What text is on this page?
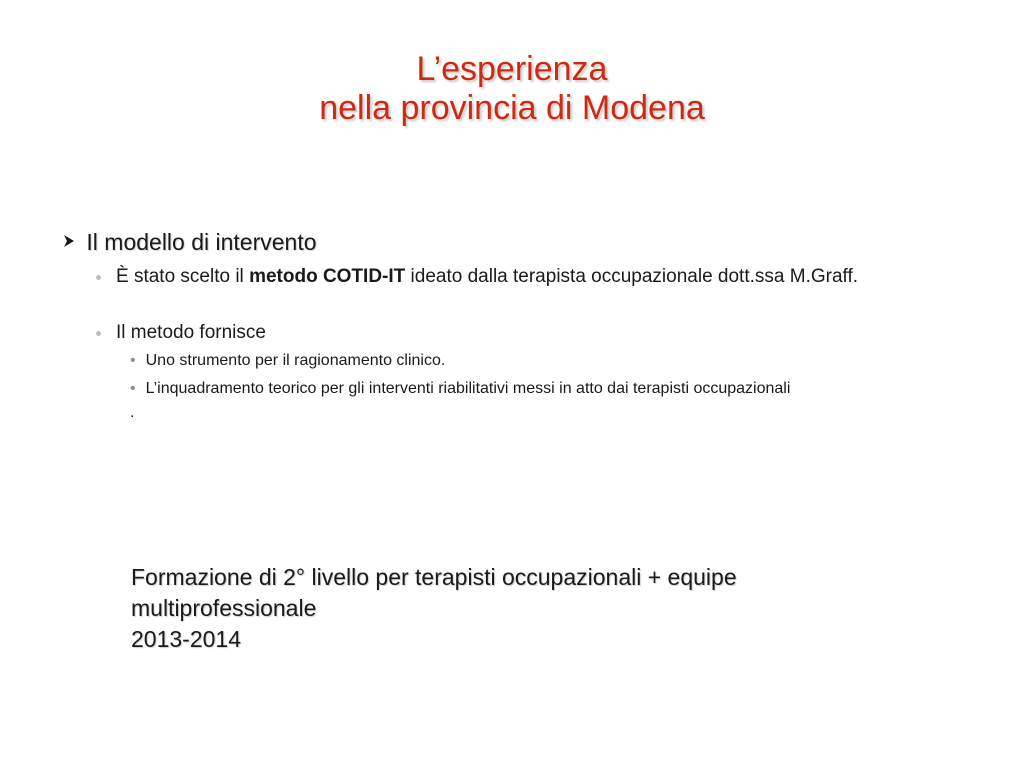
L’esperienza
nella provincia di Modena
Il modello di intervento
È stato scelto il metodo COTID-IT ideato dalla terapista occupazionale dott.ssa M.Graff.
Il metodo fornisce
• Uno strumento per il ragionamento clinico.
• L’inquadramento teorico per gli interventi riabilitativi messi in atto dai terapisti occupazionali
.
Formazione di 2° livello per terapisti occupazionali + equipe
multiprofessionale
2013-2014
